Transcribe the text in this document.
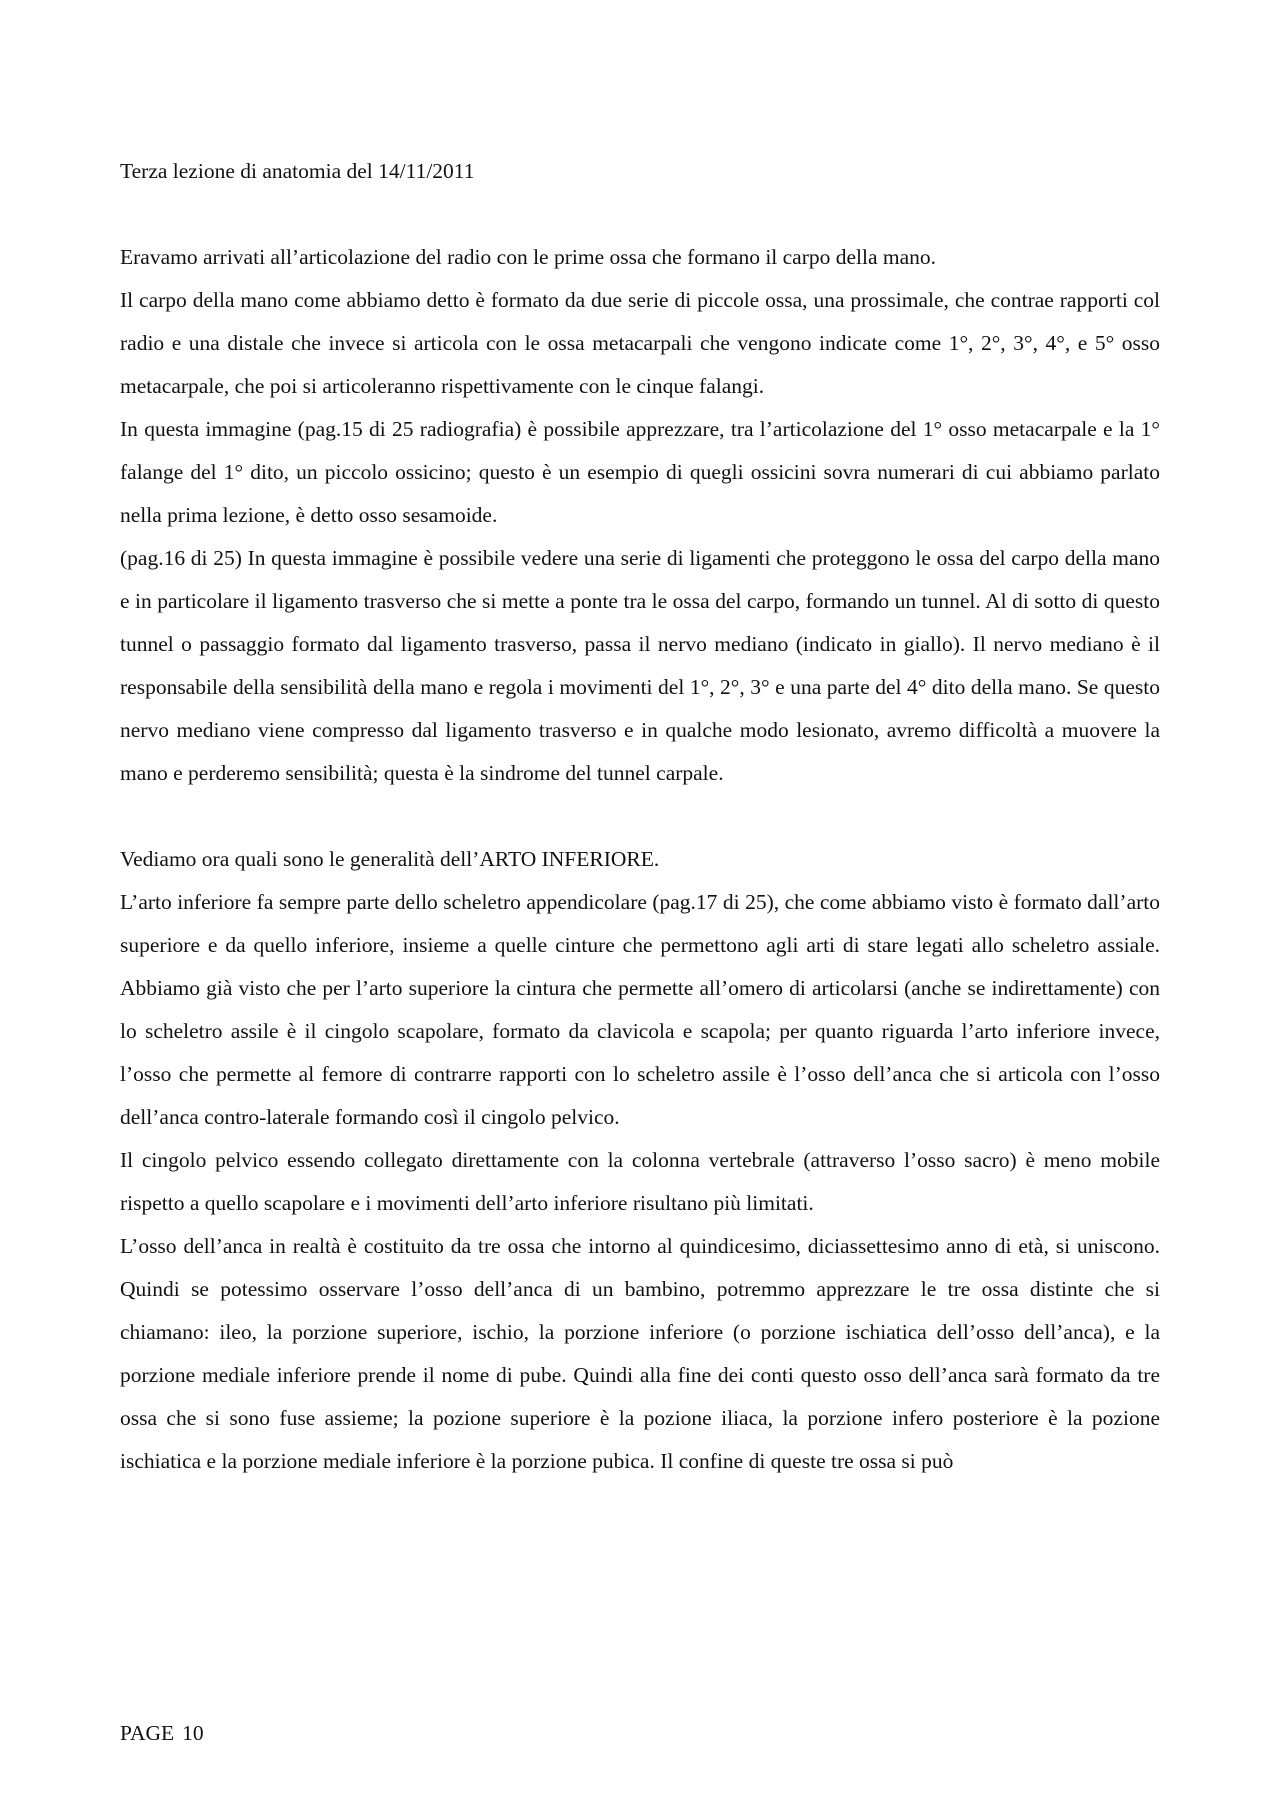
Terza lezione di anatomia del 14/11/2011

Eravamo arrivati all’articolazione del radio con le prime ossa che formano il carpo della mano.

Il carpo della mano come abbiamo detto è formato da due serie di piccole ossa, una prossimale, che contrae rapporti col radio e una distale che invece si articola con le ossa metacarpali che vengono indicate come 1°, 2°, 3°, 4°, e 5° osso metacarpale, che poi si articoleranno rispettivamente con le cinque falangi.

In questa immagine (pag.15 di 25 radiografia) è possibile apprezzare, tra l’articolazione del 1° osso metacarpale e la 1° falange del 1° dito, un piccolo ossicino; questo è un esempio di quegli ossicini sovra numerari di cui abbiamo parlato nella prima lezione, è detto osso sesamoide.

(pag.16 di 25) In questa immagine è possibile vedere una serie di ligamenti che proteggono le ossa del carpo della mano e in particolare il ligamento trasverso che si mette a ponte tra le ossa del carpo, formando un tunnel. Al di sotto di questo tunnel o passaggio formato dal ligamento trasverso, passa il nervo mediano (indicato in giallo). Il nervo mediano è il responsabile della sensibilità della mano e regola i movimenti del 1°, 2°, 3° e una parte del 4° dito della mano. Se questo nervo mediano viene compresso dal ligamento trasverso e in qualche modo lesionato, avremo difficoltà a muovere la mano e perderemo sensibilità; questa è la sindrome del tunnel carpale.

Vediamo ora quali sono le generalità dell’ARTO INFERIORE.

L’arto inferiore fa sempre parte dello scheletro appendicolare (pag.17 di 25), che come abbiamo visto è formato dall’arto superiore e da quello inferiore, insieme a quelle cinture che permettono agli arti di stare legati allo scheletro assiale. Abbiamo già visto che per l’arto superiore la cintura che permette all’omero di articolarsi (anche se indirettamente) con lo scheletro assile è il cingolo scapolare, formato da clavicola e scapola; per quanto riguarda l’arto inferiore invece, l’osso che permette al femore di contrarre rapporti con lo scheletro assile è l’osso dell’anca che si articola con l’osso dell’anca contro-laterale formando così il cingolo pelvico.

Il cingolo pelvico essendo collegato direttamente con la colonna vertebrale (attraverso l’osso sacro) è meno mobile rispetto a quello scapolare e i movimenti dell’arto inferiore risultano più limitati.

L’osso dell’anca in realtà è costituito da tre ossa che intorno al quindicesimo, diciassettesimo anno di età, si uniscono. Quindi se potessimo osservare l’osso dell’anca di un bambino, potremmo apprezzare le tre ossa distinte che si chiamano: ileo, la porzione superiore, ischio, la porzione inferiore (o porzione ischiatica dell’osso dell’anca), e la porzione mediale inferiore prende il nome di pube. Quindi alla fine dei conti questo osso dell’anca sarà formato da tre ossa che si sono fuse assieme; la pozione superiore è la pozione iliaca, la porzione infero posteriore è la pozione ischiatica e la porzione mediale inferiore è la porzione pubica. Il confine di queste tre ossa si può

PAGE 10
